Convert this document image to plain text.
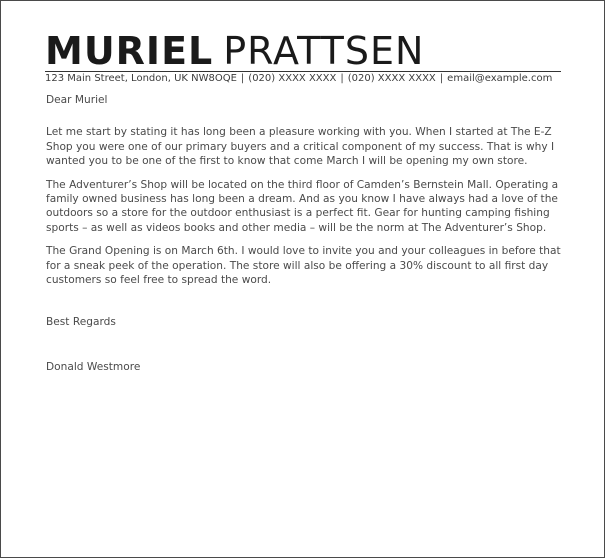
MURIEL PRATTSEN
123 Main Street, London, UK NW8OQE | (020) XXXX XXXX | (020) XXXX XXXX | email@example.com

Dear Muriel

Let me start by stating it has long been a pleasure working with you. When I started at The E-Z Shop you were one of our primary buyers and a critical component of my success. That is why I wanted you to be one of the first to know that come March I will be opening my own store.

The Adventurer’s Shop will be located on the third floor of Camden’s Bernstein Mall. Operating a family owned business has long been a dream. And as you know I have always had a love of the outdoors so a store for the outdoor enthusiast is a perfect fit. Gear for hunting camping fishing sports – as well as videos books and other media – will be the norm at The Adventurer’s Shop.

The Grand Opening is on March 6th. I would love to invite you and your colleagues in before that for a sneak peek of the operation. The store will also be offering a 30% discount to all first day customers so feel free to spread the word.

Best Regards

Donald Westmore
